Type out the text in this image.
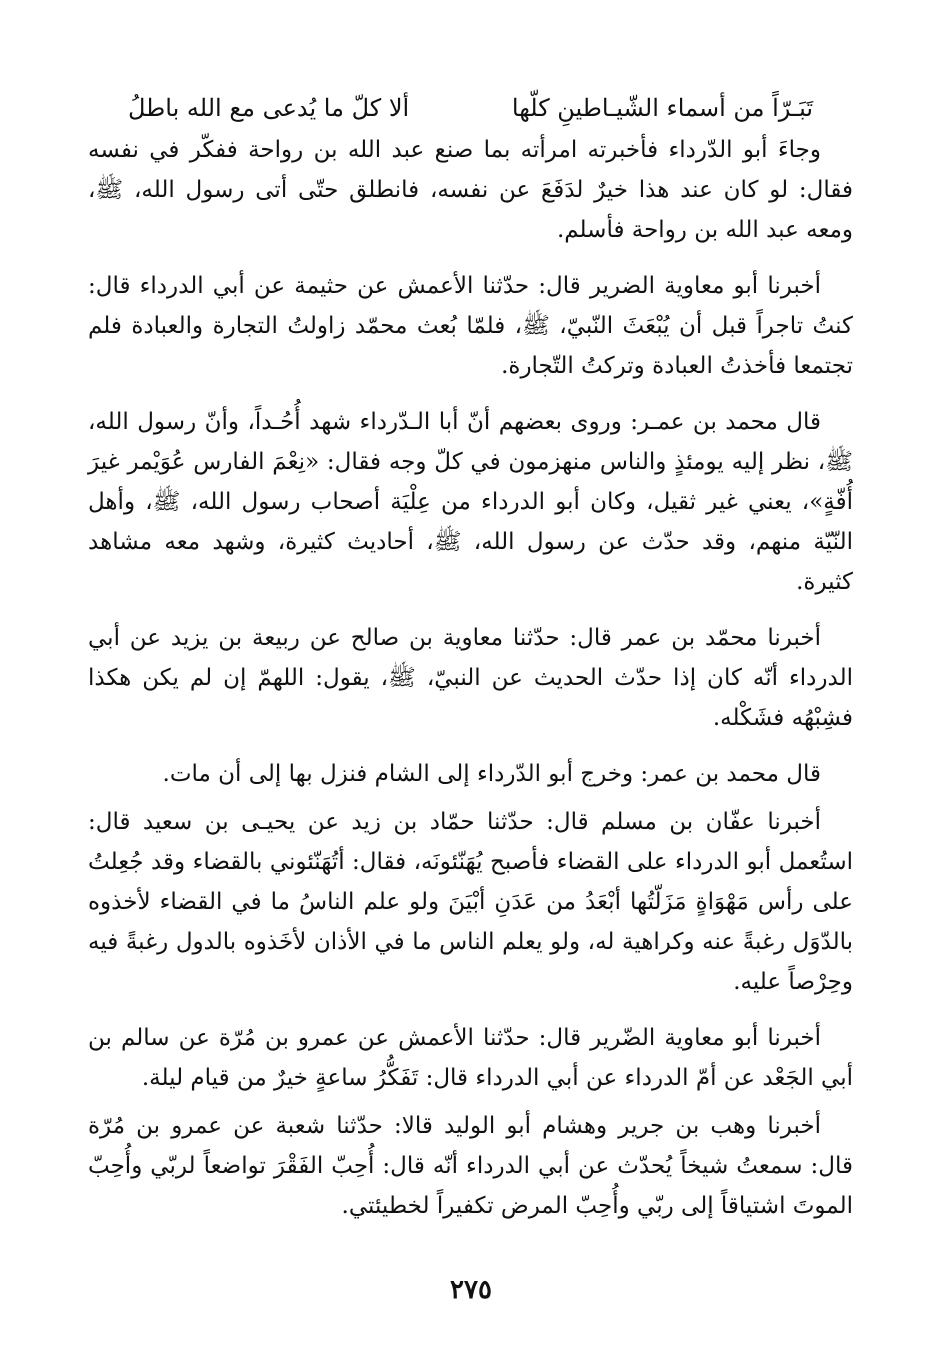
تَبَـرّاً من أسماء الشّيـاطينِ كلّها
ألا كلّ ما يُدعى مع الله باطلُ

وجاءَ أبو الدّرداء فأخبرته امرأته بما صنع عبد الله بن رواحة ففكّر في نفسه فقال: لو كان عند هذا خيرٌ لدَفَعَ عن نفسه، فانطلق حتّى أتى رسول الله، ﷺ، ومعه عبد الله بن رواحة فأسلم.

أخبرنا أبو معاوية الضرير قال: حدّثنا الأعمش عن حثيمة عن أبي الدرداء قال: كنتُ تاجراً قبل أن يُبْعَثَ النّبيّ، ﷺ، فلمّا بُعث محمّد زاولتُ التجارة والعبادة فلم تجتمعا فأخذتُ العبادة وتركتُ التّجارة.

قال محمد بن عمـر: وروى بعضهم أنّ أبا الـدّرداء شهد أُحُـداً، وأنّ رسول الله، ﷺ، نظر إليه يومئذٍ والناس منهزمون في كلّ وجه فقال: «نِعْمَ الفارس عُوَيْمر غيرَ أُفّةٍ»، يعني غير ثقيل، وكان أبو الدرداء من عِلْيَة أصحاب رسول الله، ﷺ، وأهل النّيّة منهم، وقد حدّث عن رسول الله، ﷺ، أحاديث كثيرة، وشهد معه مشاهد كثيرة.

أخبرنا محمّد بن عمر قال: حدّثنا معاوية بن صالح عن ربيعة بن يزيد عن أبي الدرداء أنّه كان إذا حدّث الحديث عن النبيّ، ﷺ، يقول: اللهمّ إن لم يكن هكذا فشِبْهُه فشَكْله.

قال محمد بن عمر: وخرج أبو الدّرداء إلى الشام فنزل بها إلى أن مات.

أخبرنا عفّان بن مسلم قال: حدّثنا حمّاد بن زيد عن يحيـى بن سعيد قال: استُعمل أبو الدرداء على القضاء فأصبح يُهَنّئونَه، فقال: أتُهَنّئوني بالقضاء وقد جُعِلتُ على رأس مَهْوَاةٍ مَزَلّتُها أبْعَدُ من عَدَنِ أبْيَنَ ولو علم الناسُ ما في القضاء لأخذوه بالدّوَل رغبةً عنه وكراهية له، ولو يعلم الناس ما في الأذان لأخَذوه بالدول رغبةً فيه وحِرْصاً عليه.

أخبرنا أبو معاوية الضّرير قال: حدّثنا الأعمش عن عمرو بن مُرّة عن سالم بن أبي الجَعْد عن أمّ الدرداء عن أبي الدرداء قال: تَفَكُّرُ ساعةٍ خيرٌ من قيام ليلة.

أخبرنا وهب بن جرير وهشام أبو الوليد قالا: حدّثنا شعبة عن عمرو بن مُرّة قال: سمعتُ شيخاً يُحدّث عن أبي الدرداء أنّه قال: أُحِبّ الفَقْرَ تواضعاً لربّي وأُحِبّ الموتَ اشتياقاً إلى ربّي وأُحِبّ المرض تكفيراً لخطيئتي.

٢٧٥
